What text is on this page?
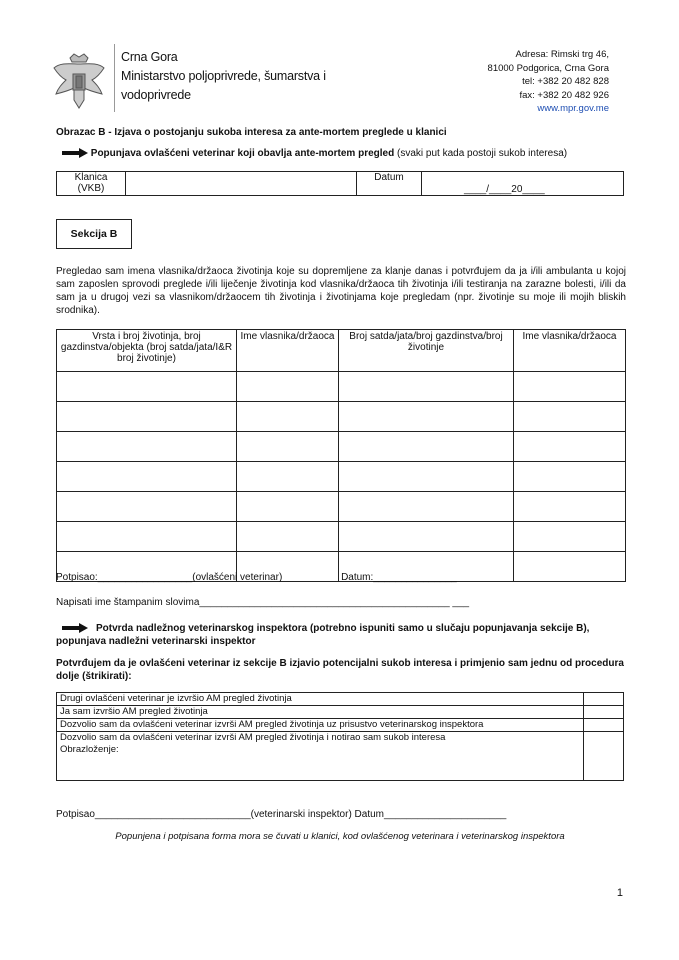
Crna Gora
Ministarstvo poljoprivrede, šumarstva i
vodoprivrede
Adresa: Rimski trg 46,
81000 Podgorica, Crna Gora
tel: +382 20 482 828
fax: +382 20 482 926
www.mpr.gov.me
Obrazac B - Izjava o postojanju sukoba interesa za ante-mortem preglede u klanici
Popunjava ovlašćeni veterinar koji obavlja ante-mortem pregled (svaki put kada postoji sukob interesa)
Klanica
(VKB)
		Datum	____/____20____
Sekcija B
Pregledao sam imena vlasnika/držaoca životinja koje su dopremljene za klanje danas i potvrđujem da ja i/ili ambulanta u kojoj sam zaposlen sprovodi preglede i/ili liječenje životinja kod vlasnika/držaoca tih životinja i/ili testiranja na zarazne bolesti, i/ili da sam ja u drugoj vezi sa vlasnikom/držaocem tih životinja i životinjama koje pregledam (npr. životinje su moje ili mojih bliskih srodnika).
Vrsta i broj životinja, broj gazdinstva/objekta (broj satda/jata/I&R broj životinje)	Ime vlasnika/držaoca	Broj satda/jata/broj gazdinstva/broj životinje	Ime vlasnika/držaoca

Potpisao:_________________(ovlašćeni veterinar)	Datum:_______________
Napisati ime štampanim slovima_____________________________________________ ___
Potvrda nadležnog veterinarskog inspektora (potrebno ispuniti samo u slučaju popunjavanja sekcije B), popunjava nadležni veterinarski inspektor
Potvrđujem da je ovlašćeni veterinar iz sekcije B izjavio potencijalni sukob interesa i primjenio sam jednu od procedura dolje (štrikirati):
Drugi ovlašćeni veterinar je izvršio AM pregled životinja	
Ja sam izvršio AM pregled životinja	
Dozvolio sam da ovlašćeni veterinar izvrši AM pregled životinja uz prisustvo veterinarskog inspektora	

Dozvolio sam da ovlašćeni veterinar izvrši AM pregled životinja i notirao sam sukob interesa
Obrazloženje:	

Potpisao____________________________(veterinarski inspektor) Datum______________________
Popunjena i potpisana forma mora se čuvati u klanici, kod ovlašćenog veterinara i veterinarskog inspektora
1
